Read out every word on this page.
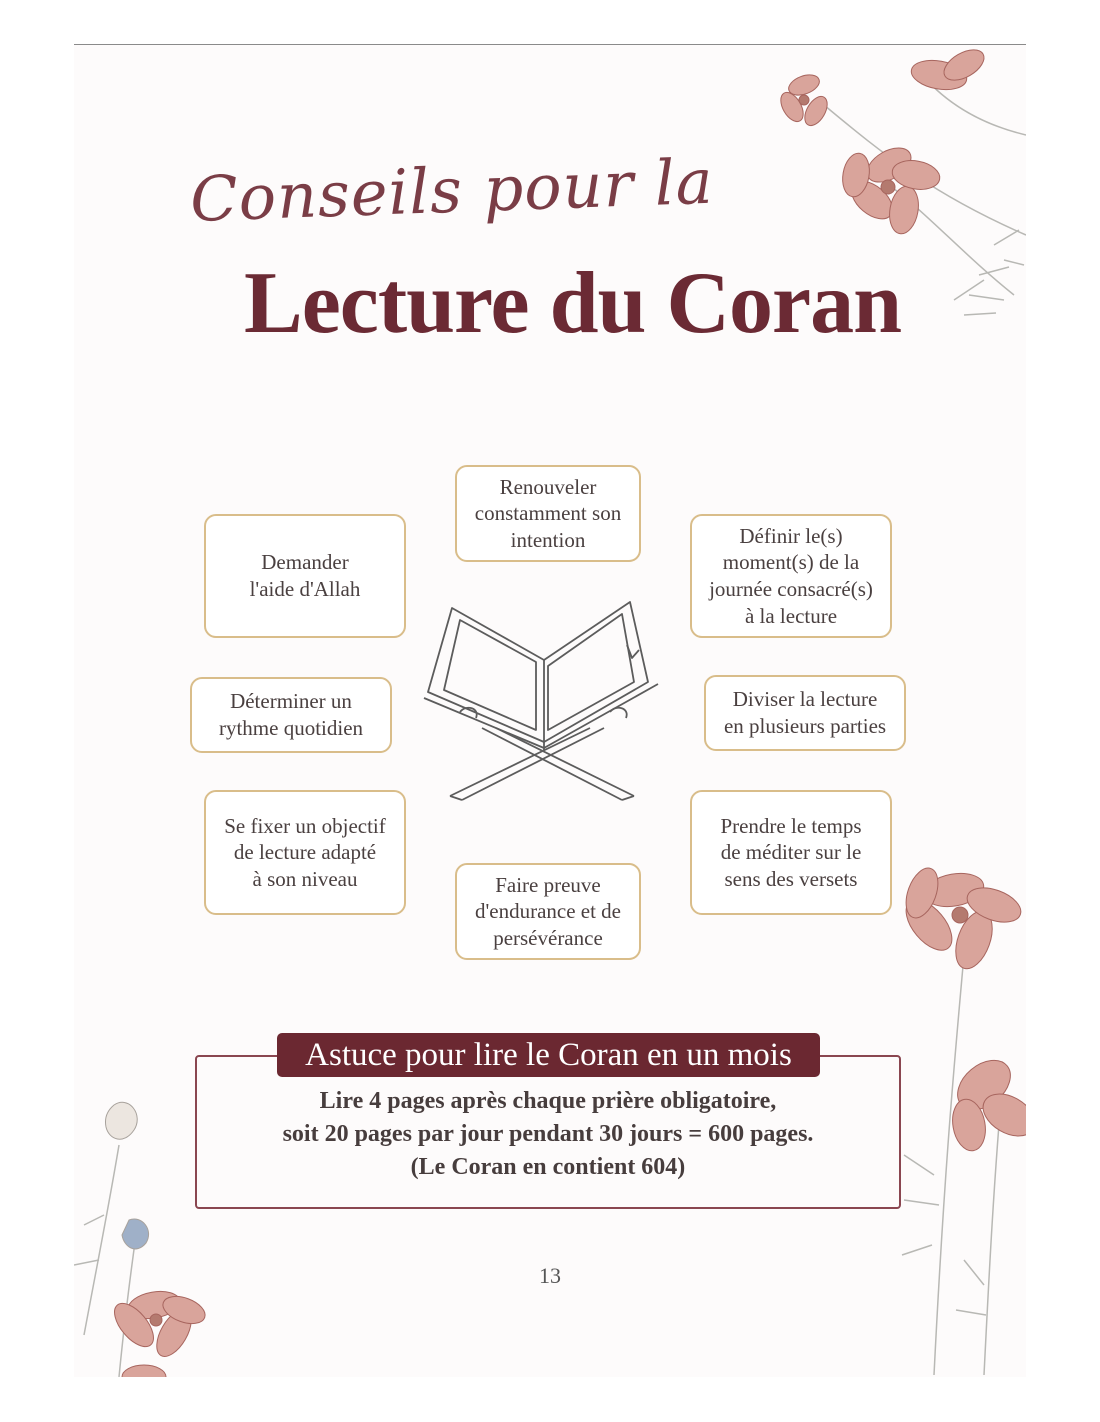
Conseils pour la
Lecture du Coran
Renouveler
constamment son
intention
Demander
l'aide d'Allah
Définir le(s)
moment(s) de la
journée consacré(s)
à la lecture
Déterminer un
rythme quotidien
Diviser la lecture
en plusieurs parties
Se fixer un objectif
de lecture adapté
à son niveau
Prendre le temps
de méditer sur le
sens des versets
Faire preuve
d'endurance et de
persévérance
Astuce pour lire le Coran en un mois
Lire 4 pages après chaque prière obligatoire,
soit 20 pages par jour pendant 30 jours = 600 pages.
(Le Coran en contient 604)
13
